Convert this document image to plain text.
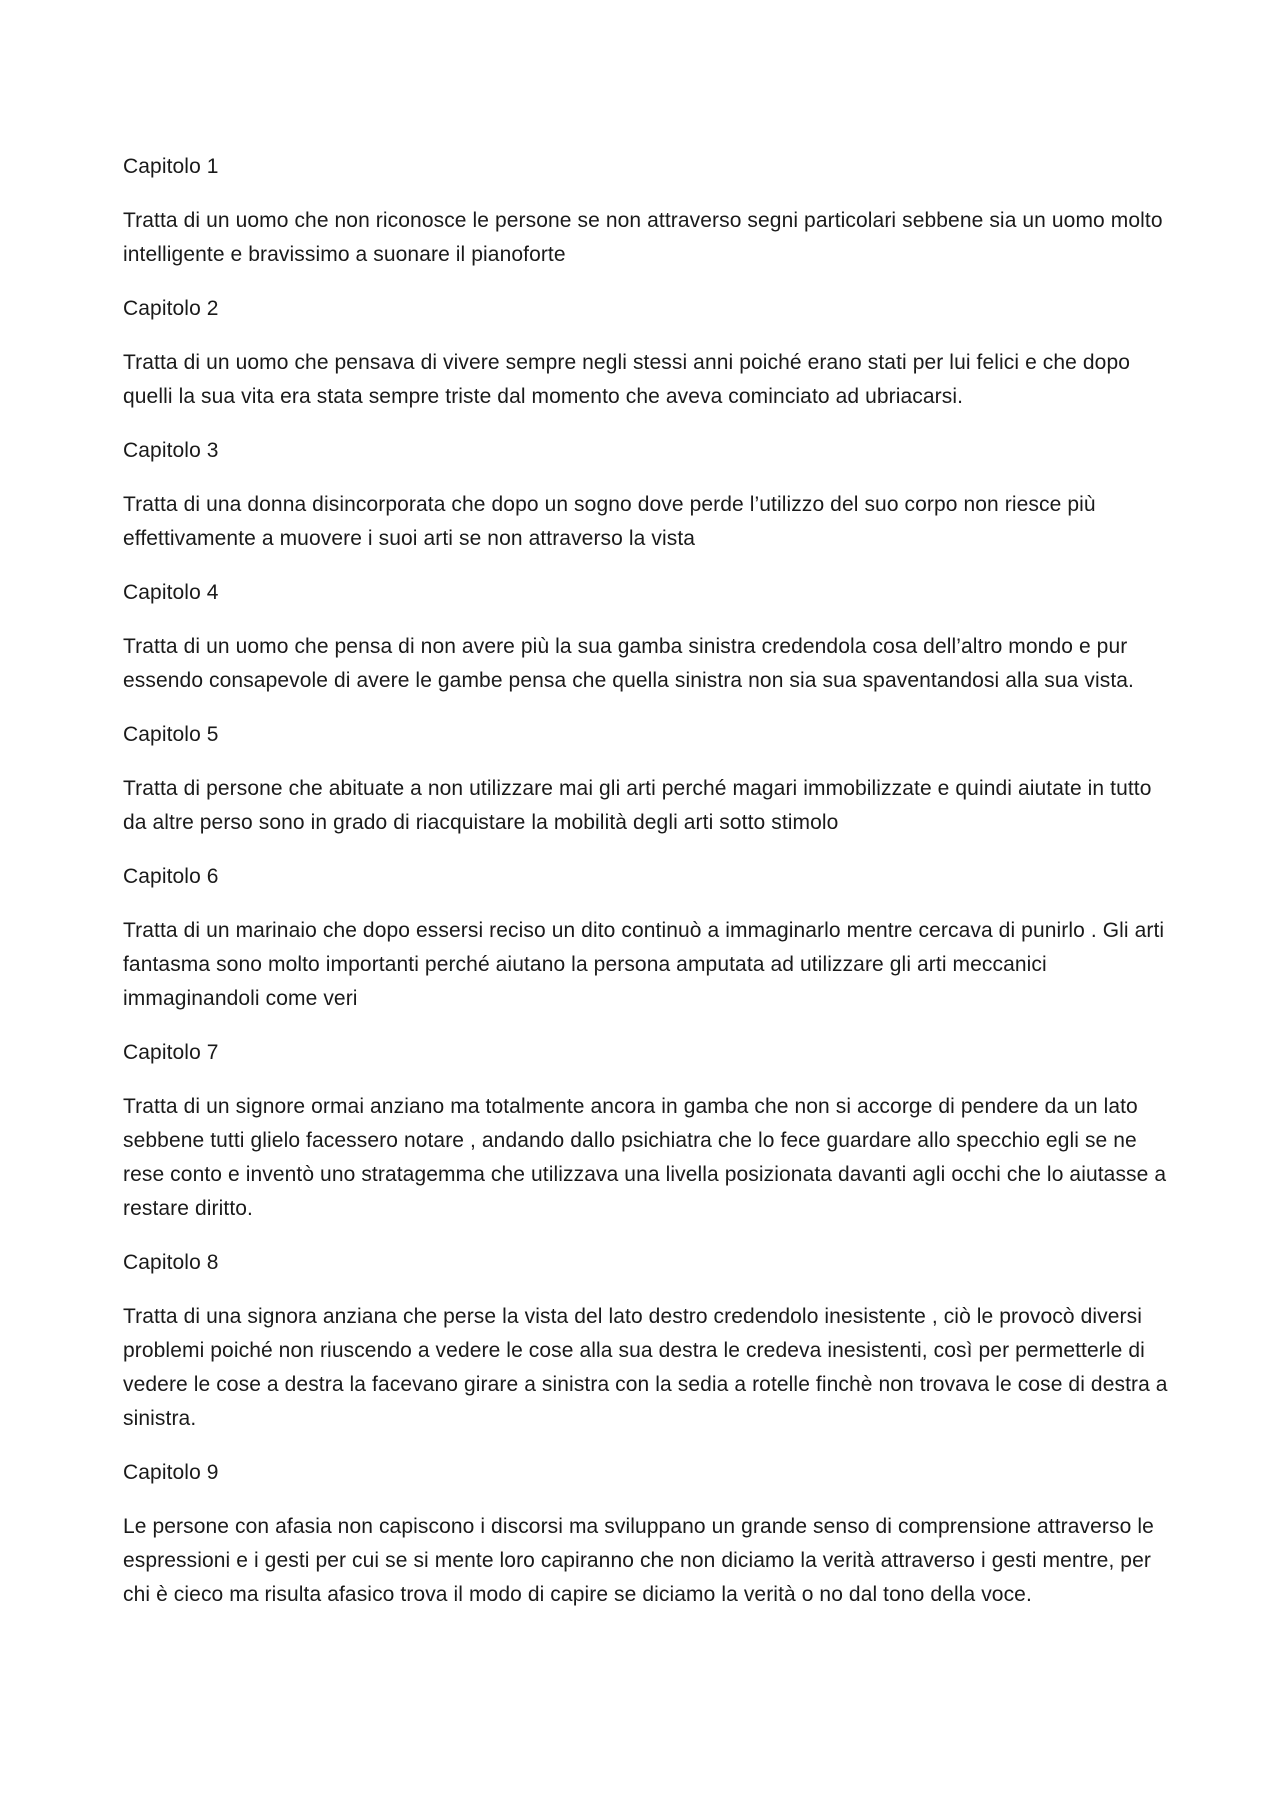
Capitolo 1

Tratta di un uomo che non riconosce le persone se non attraverso segni particolari sebbene sia un uomo molto intelligente e bravissimo a suonare il pianoforte

Capitolo 2

Tratta di un uomo che pensava di vivere sempre negli stessi anni poiché erano stati per lui felici e che dopo quelli la sua vita era stata sempre triste dal momento che aveva cominciato ad ubriacarsi.

Capitolo 3

Tratta di una donna disincorporata che dopo un sogno dove perde l’utilizzo del suo corpo non riesce più effettivamente a muovere i suoi arti se non attraverso la vista

Capitolo 4

Tratta di un uomo che pensa di non avere più la sua gamba sinistra credendola cosa dell’altro mondo e pur essendo consapevole di avere le gambe pensa che quella sinistra non sia sua spaventandosi alla sua vista.

Capitolo 5

Tratta di persone che abituate a non utilizzare mai gli arti perché magari immobilizzate e quindi aiutate in tutto da altre perso sono in grado di riacquistare la mobilità degli arti sotto stimolo

Capitolo 6

Tratta di un marinaio che dopo essersi reciso un dito continuò a immaginarlo mentre cercava di punirlo . Gli arti fantasma sono molto importanti perché aiutano la persona amputata ad utilizzare gli arti meccanici immaginandoli come veri

Capitolo 7

Tratta di un signore ormai anziano ma totalmente ancora in gamba che non si accorge di pendere da un lato sebbene tutti glielo facessero notare , andando dallo psichiatra che lo fece guardare allo specchio egli se ne rese conto e inventò uno stratagemma che utilizzava una livella posizionata davanti agli occhi che lo aiutasse a restare diritto.

Capitolo 8

Tratta di una signora anziana che perse la vista del lato destro credendolo inesistente , ciò le provocò diversi problemi poiché non riuscendo a vedere le cose alla sua destra le credeva inesistenti, così per permetterle di vedere le cose a destra la facevano girare a sinistra con la sedia a rotelle finchè non trovava le cose di destra a sinistra.

Capitolo 9

Le persone con afasia non capiscono i discorsi ma sviluppano un grande senso di comprensione attraverso le espressioni e i gesti per cui se si mente loro capiranno che non diciamo la verità attraverso i gesti mentre, per chi è cieco ma risulta afasico trova il modo di capire se diciamo la verità o no dal tono della voce.
